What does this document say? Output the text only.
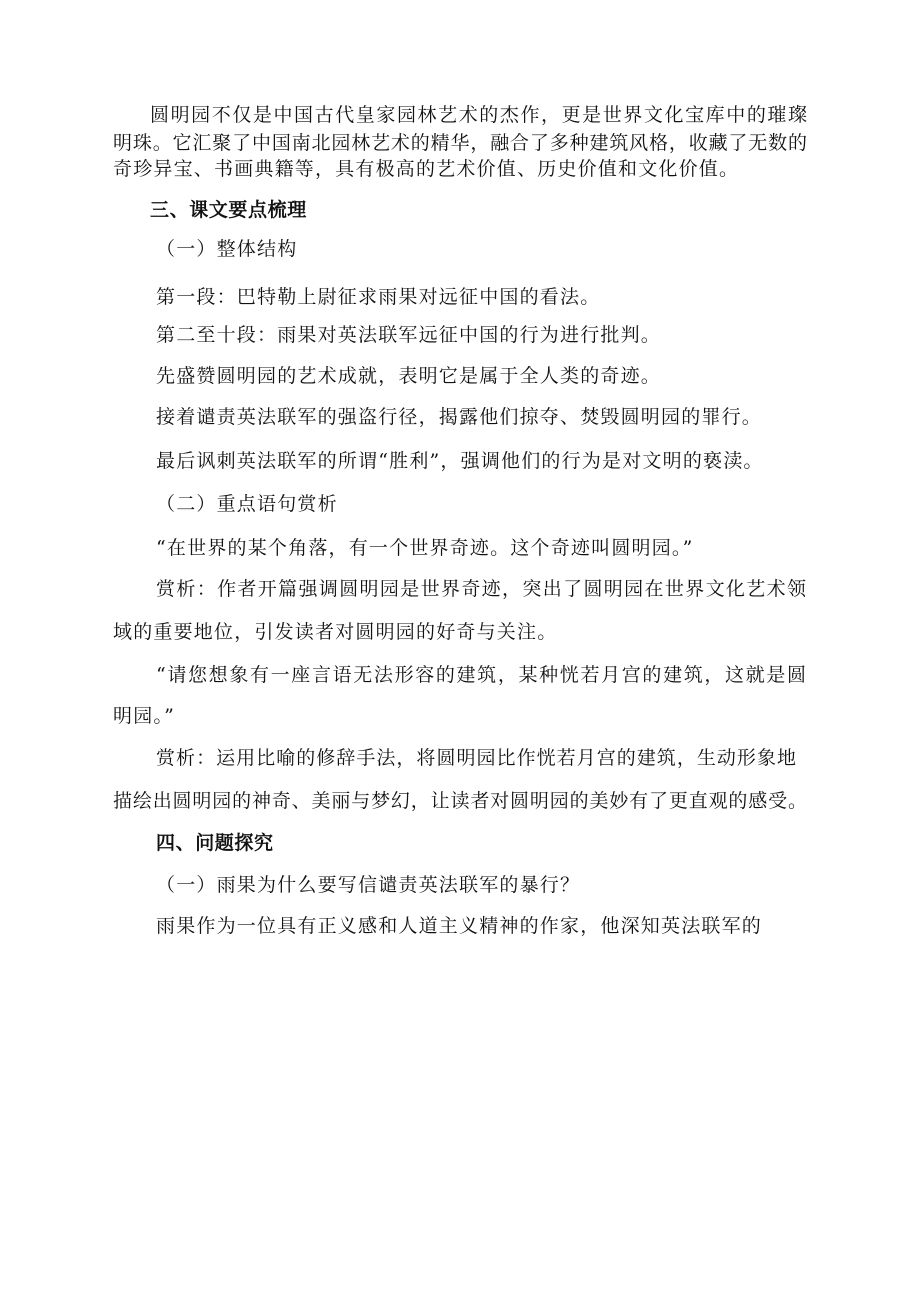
圆明园不仅是中国古代皇家园林艺术的杰作，更是世界文化宝库中的璀璨
明珠。它汇聚了中国南北园林艺术的精华，融合了多种建筑风格，收藏了无数的
奇珍异宝、书画典籍等，具有极高的艺术价值、历史价值和文化价值。
三、课文要点梳理
（一）整体结构
第一段：巴特勒上尉征求雨果对远征中国的看法。
第二至十段：雨果对英法联军远征中国的行为进行批判。
先盛赞圆明园的艺术成就，表明它是属于全人类的奇迹。
接着谴责英法联军的强盗行径，揭露他们掠夺、焚毁圆明园的罪行。
最后讽刺英法联军的所谓“胜利”，强调他们的行为是对文明的亵渎。
（二）重点语句赏析
“在世界的某个角落，有一个世界奇迹。这个奇迹叫圆明园。”
赏析：作者开篇强调圆明园是世界奇迹，突出了圆明园在世界文化艺术领
域的重要地位，引发读者对圆明园的好奇与关注。
“请您想象有一座言语无法形容的建筑，某种恍若月宫的建筑，这就是圆
明园。”
赏析：运用比喻的修辞手法，将圆明园比作恍若月宫的建筑，生动形象地
描绘出圆明园的神奇、美丽与梦幻，让读者对圆明园的美妙有了更直观的感受。
四、问题探究
（一）雨果为什么要写信谴责英法联军的暴行？
雨果作为一位具有正义感和人道主义精神的作家，他深知英法联军的
